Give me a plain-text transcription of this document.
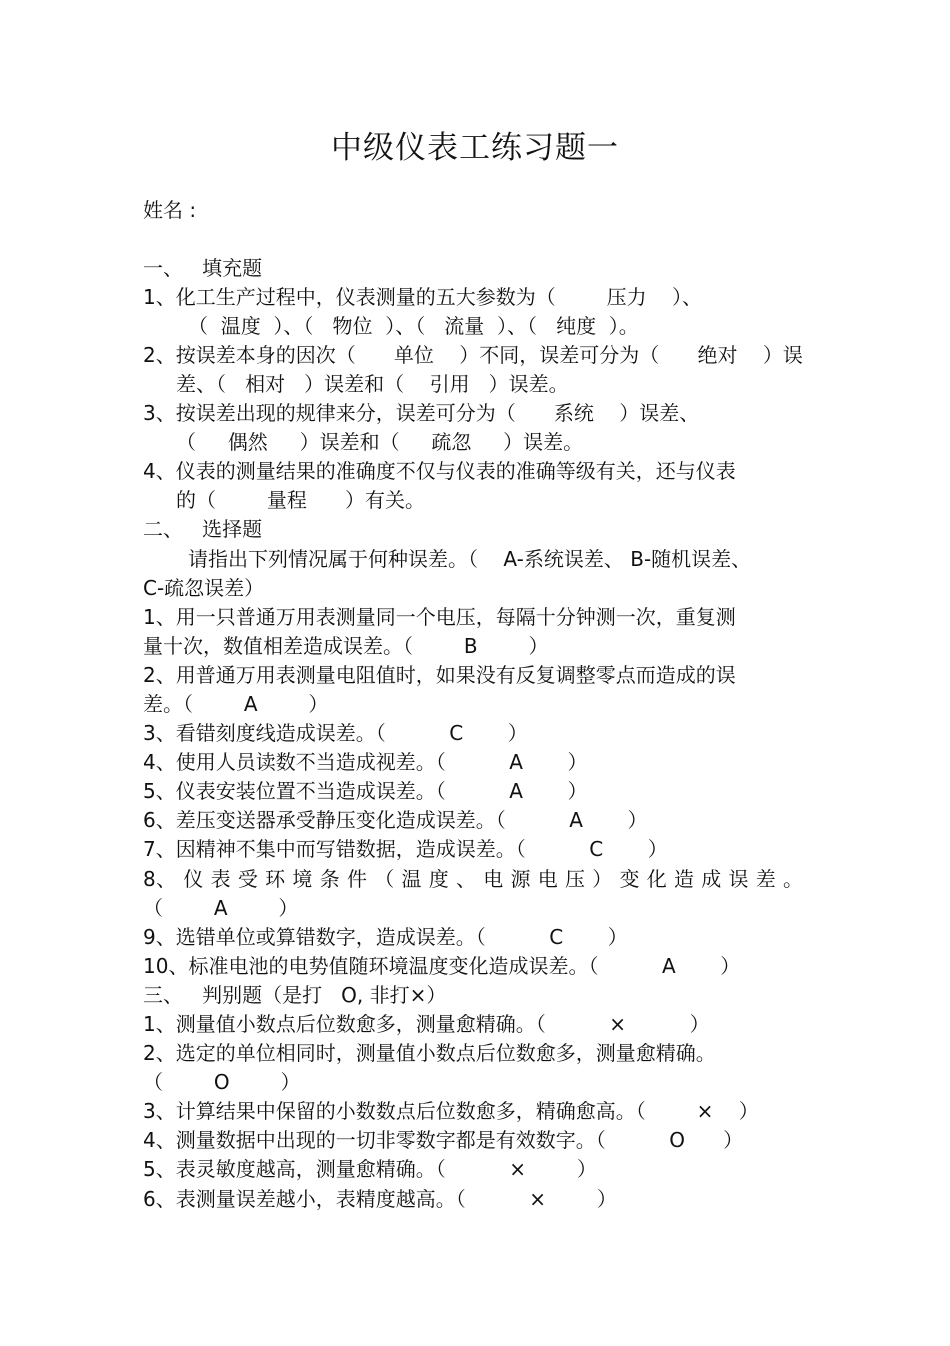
中级仪表工练习题一
姓名 :
一、   填充题
1、化工生产过程中，仪表测量的五大参数为（        压力    ）、
（  温度  ）、（   物位  ）、（   流量  ）、（   纯度  ）。
2、按误差本身的因次（      单位    ）不同，误差可分为（      绝对    ）误
差、（   相对   ）误差和（    引用   ）误差。
3、按误差出现的规律来分，误差可分为（      系统    ）误差、
（     偶然     ）误差和（     疏忽     ）误差。
4、仪表的测量结果的准确度不仅与仪表的准确等级有关，还与仪表
的（        量程      ）有关。
二、   选择题
请指出下列情况属于何种误差。（    A-系统误差、 B-随机误差、
C-疏忽误差）
1、用一只普通万用表测量同一个电压，每隔十分钟测一次，重复测
量十次，数值相差造成误差。（        B        ）
2、用普通万用表测量电阻值时，如果没有反复调整零点而造成的误
差。（        A        ）
3、看错刻度线造成误差。（          C       ）
4、使用人员读数不当造成视差。（          A       ）
5、仪表安装位置不当造成误差。（          A       ）
6、差压变送器承受静压变化造成误差。（          A       ）
7、因精神不集中而写错数据，造成误差。（          C       ）
8、 仪 表 受 环 境 条 件 （ 温 度 、 电 源 电 压 ） 变 化 造 成 误 差 。
（        A        ）
9、选错单位或算错数字，造成误差。（          C       ）
10、标准电池的电势值随环境温度变化造成误差。（          A       ）
三、   判别题（是打   Ο, 非打×）
1、测量值小数点后位数愈多，测量愈精确。（          ×          ）
2、选定的单位相同时，测量值小数点后位数愈多，测量愈精确。
（        O        ）
3、计算结果中保留的小数数点后位数愈多，精确愈高。（        ×    ）
4、测量数据中出现的一切非零数字都是有效数字。（          O      ）
5、表灵敏度越高，测量愈精确。（          ×        ）
6、表测量误差越小，表精度越高。（          ×        ）
